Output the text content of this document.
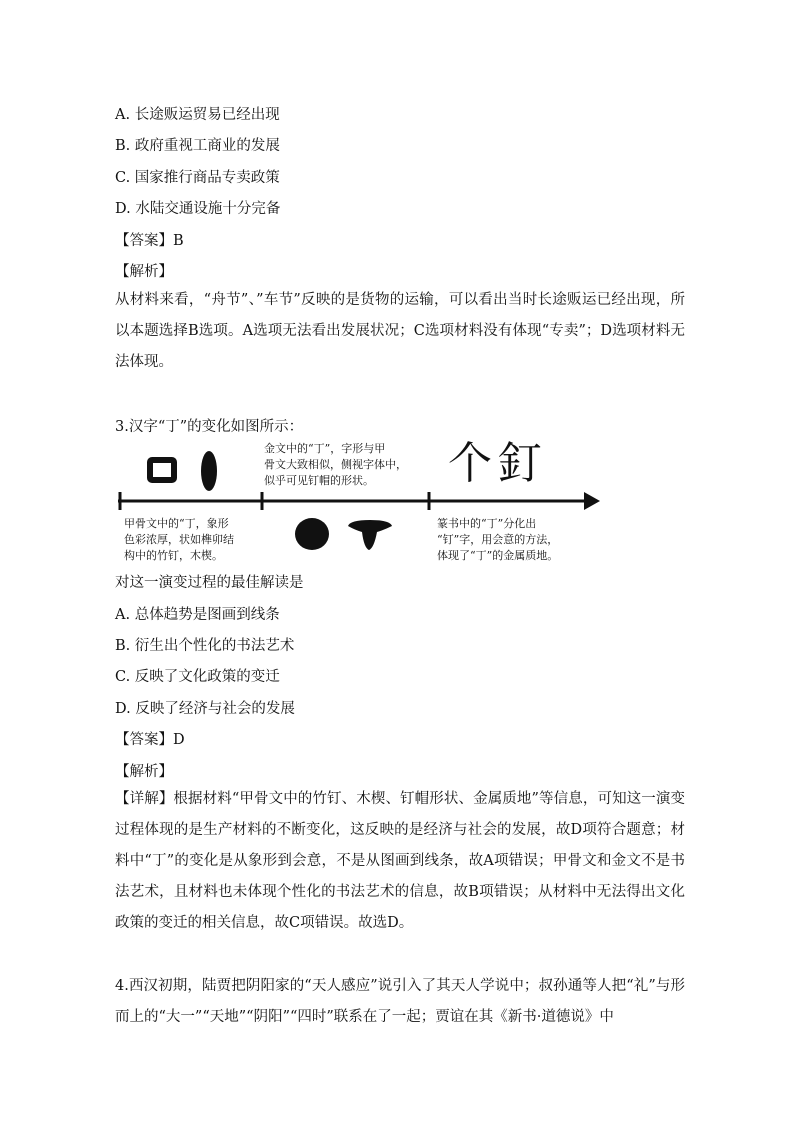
A. 长途贩运贸易已经出现
B. 政府重视工商业的发展
C. 国家推行商品专卖政策
D. 水陆交通设施十分完备
【答案】B
【解析】
从材料来看，“舟节”、”车节”反映的是货物的运输，可以看出当时长途贩运已经出现，所以本题选择B选项。A选项无法看出发展状况；C选项材料没有体现“专卖”；D选项材料无法体现。
3.汉字“丁”的变化如图所示：
个 釘
金文中的“丁”，字形与甲
骨文大致相似，侧视字体中，
似乎可见钉帽的形状。
甲骨文中的“丁，象形
色彩浓厚，状如榫卯结
构中的竹钉，木楔。
篆书中的“丁”分化出
“钉”字，用会意的方法，
体现了“丁”的金属质地。
对这一演变过程的最佳解读是
A. 总体趋势是图画到线条
B. 衍生出个性化的书法艺术
C. 反映了文化政策的变迁
D. 反映了经济与社会的发展
【答案】D
【解析】
【详解】根据材料“甲骨文中的竹钉、木楔、钉帽形状、金属质地”等信息，可知这一演变过程体现的是生产材料的不断变化，这反映的是经济与社会的发展，故D项符合题意；材料中“丁”的变化是从象形到会意，不是从图画到线条，故A项错误；甲骨文和金文不是书法艺术，且材料也未体现个性化的书法艺术的信息，故B项错误；从材料中无法得出文化政策的变迁的相关信息，故C项错误。故选D。
4.西汉初期，陆贾把阴阳家的“天人感应”说引入了其天人学说中；叔孙通等人把“礼”与形而上的“大一”“天地”“阴阳”“四时”联系在了一起；贾谊在其《新书·道德说》中
